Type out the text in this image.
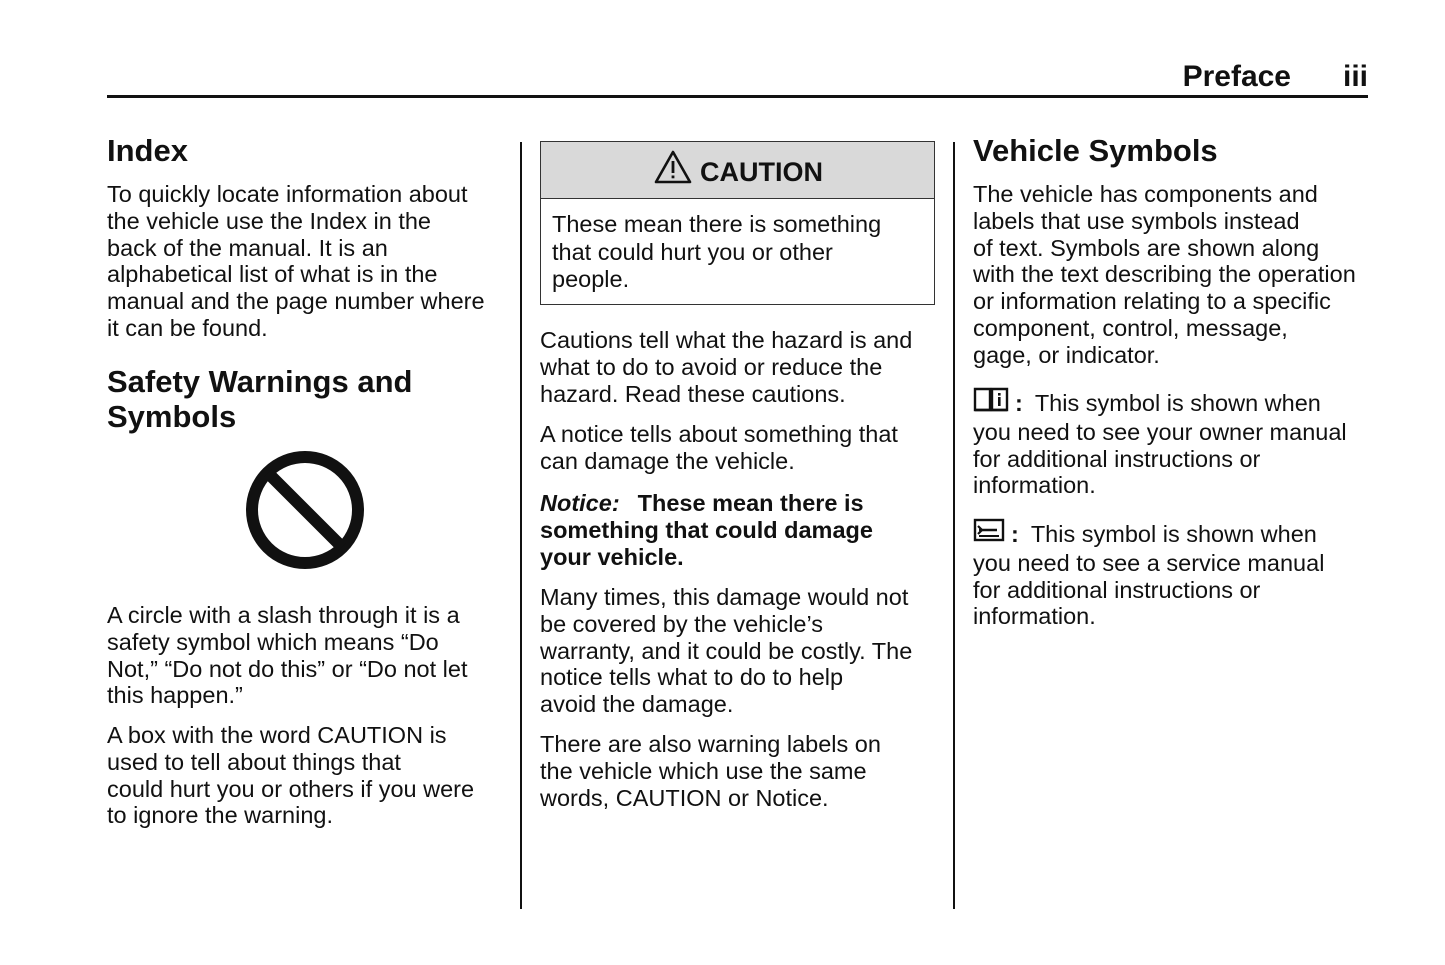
Preface iii
Index
To quickly locate information about
the vehicle use the Index in the
back of the manual. It is an
alphabetical list of what is in the
manual and the page number where
it can be found.
Safety Warnings and
Symbols
A circle with a slash through it is a
safety symbol which means “Do
Not,” “Do not do this” or “Do not let
this happen.”
A box with the word CAUTION is
used to tell about things that
could hurt you or others if you were
to ignore the warning.
CAUTION
These mean there is something
that could hurt you or other
people.
Cautions tell what the hazard is and
what to do to avoid or reduce the
hazard. Read these cautions.
A notice tells about something that
can damage the vehicle.
Notice: These mean there is
something that could damage
your vehicle.
Many times, this damage would not
be covered by the vehicle’s
warranty, and it could be costly. The
notice tells what to do to help
avoid the damage.
There are also warning labels on
the vehicle which use the same
words, CAUTION or Notice.
Vehicle Symbols
The vehicle has components and
labels that use symbols instead
of text. Symbols are shown along
with the text describing the operation
or information relating to a specific
component, control, message,
gage, or indicator.
: This symbol is shown when
you need to see your owner manual
for additional instructions or
information.
: This symbol is shown when
you need to see a service manual
for additional instructions or
information.
